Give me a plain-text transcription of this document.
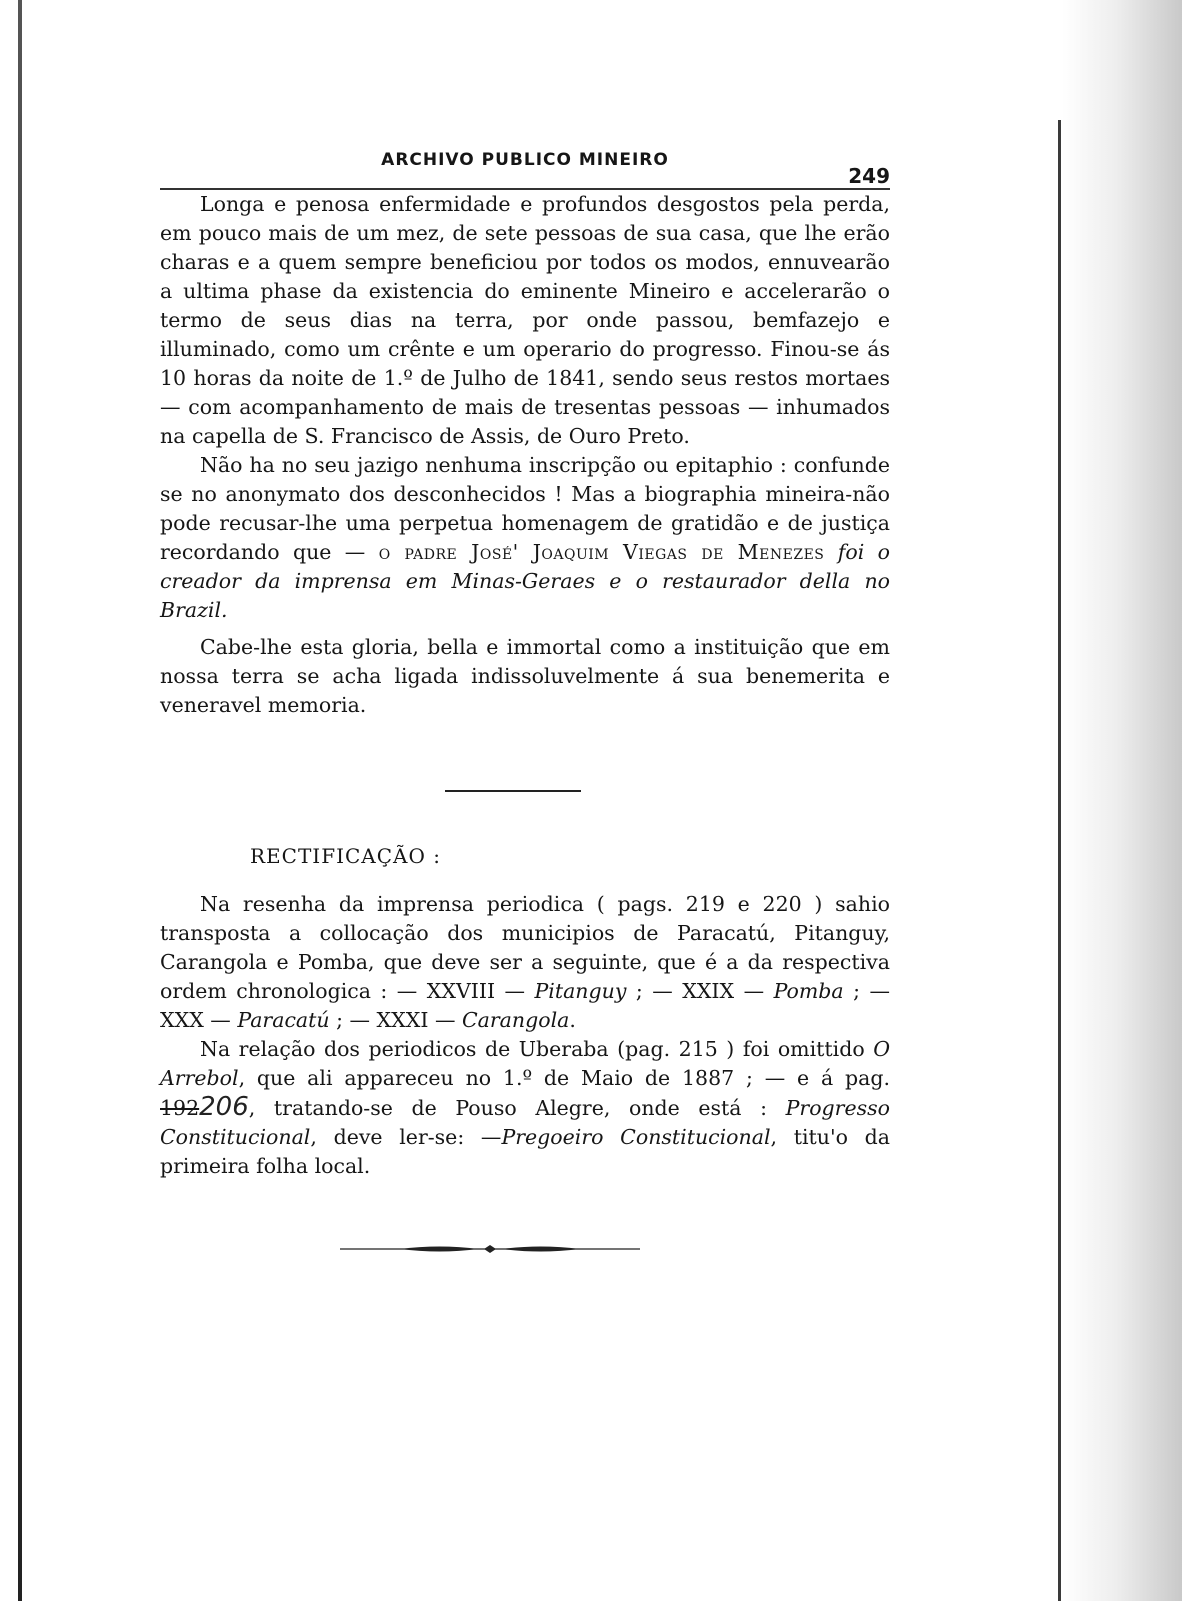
ARCHIVO PUBLICO MINEIRO
249

Longa e penosa enfermidade e profundos desgostos pela perda, em pouco mais de um mez, de sete pessoas de sua casa, que lhe erão charas e a quem sempre beneficiou por todos os modos, ennuvearão a ultima phase da existencia do eminente Mineiro e accelerarão o termo de seus dias na terra, por onde passou, bemfazejo e illuminado, como um crênte e um operario do progresso. Finou-se ás 10 horas da noite de 1.º de Julho de 1841, sendo seus restos mortaes — com acompanhamento de mais de tresentas pessoas — inhumados na capella de S. Francisco de Assis, de Ouro Preto.

Não ha no seu jazigo nenhuma inscripção ou epitaphio : confunde se no anonymato dos desconhecidos ! Mas a biographia mineira-não pode recusar-lhe uma perpetua homenagem de gratidão e de justiça recordando que — o padre José' Joaquim Viegas de Menezes foi o creador da imprensa em Minas-Geraes e o restaurador della no Brazil.

Cabe-lhe esta gloria, bella e immortal como a instituição que em nossa terra se acha ligada indissoluvelmente á sua benemerita e veneravel memoria.

RECTIFICAÇÃO :

Na resenha da imprensa periodica ( pags. 219 e 220 ) sahio transposta a collocação dos municipios de Paracatú, Pitanguy, Carangola e Pomba, que deve ser a seguinte, que é a da respectiva ordem chronologica : — XXVIII — Pitanguy ; — XXIX — Pomba ; — XXX — Paracatú ; — XXXI — Carangola.

Na relação dos periodicos de Uberaba (pag. 215 ) foi omittido O Arrebol, que ali appareceu no 1.º de Maio de 1887 ; — e á pag. 192206, tratando-se de Pouso Alegre, onde está : Progresso Constitucional, deve ler-se: —Pregoeiro Constitucional, titu'o da primeira folha local.
